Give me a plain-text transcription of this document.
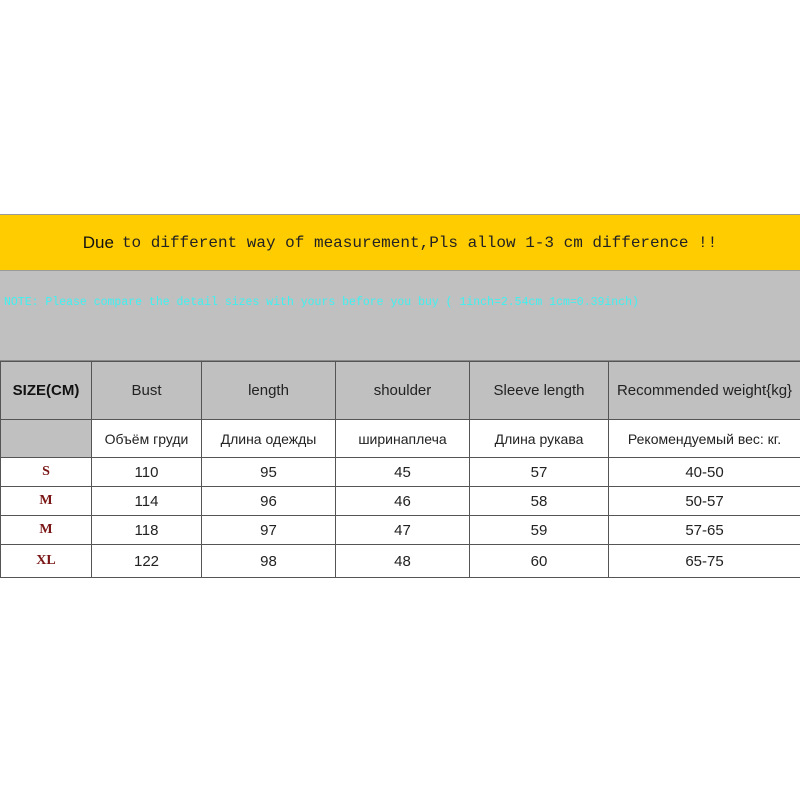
Due to different way of measurement,Pls allow 1-3 cm difference !!
NOTE: Please compare the detail sizes with yours before you buy ( 1inch=2.54cm 1cm=0.39inch)
SIZE(CM)	Bust	length	shoulder	Sleeve length	Recommended weight{kg}
	Объём груди	Длина одежды	ширинаплеча	Длина рукава	Рекомендуемый вес: кг.
S	110	95	45	57	40-50
M	114	96	46	58	50-57
M	118	97	47	59	57-65
XL	122	98	48	60	65-75
